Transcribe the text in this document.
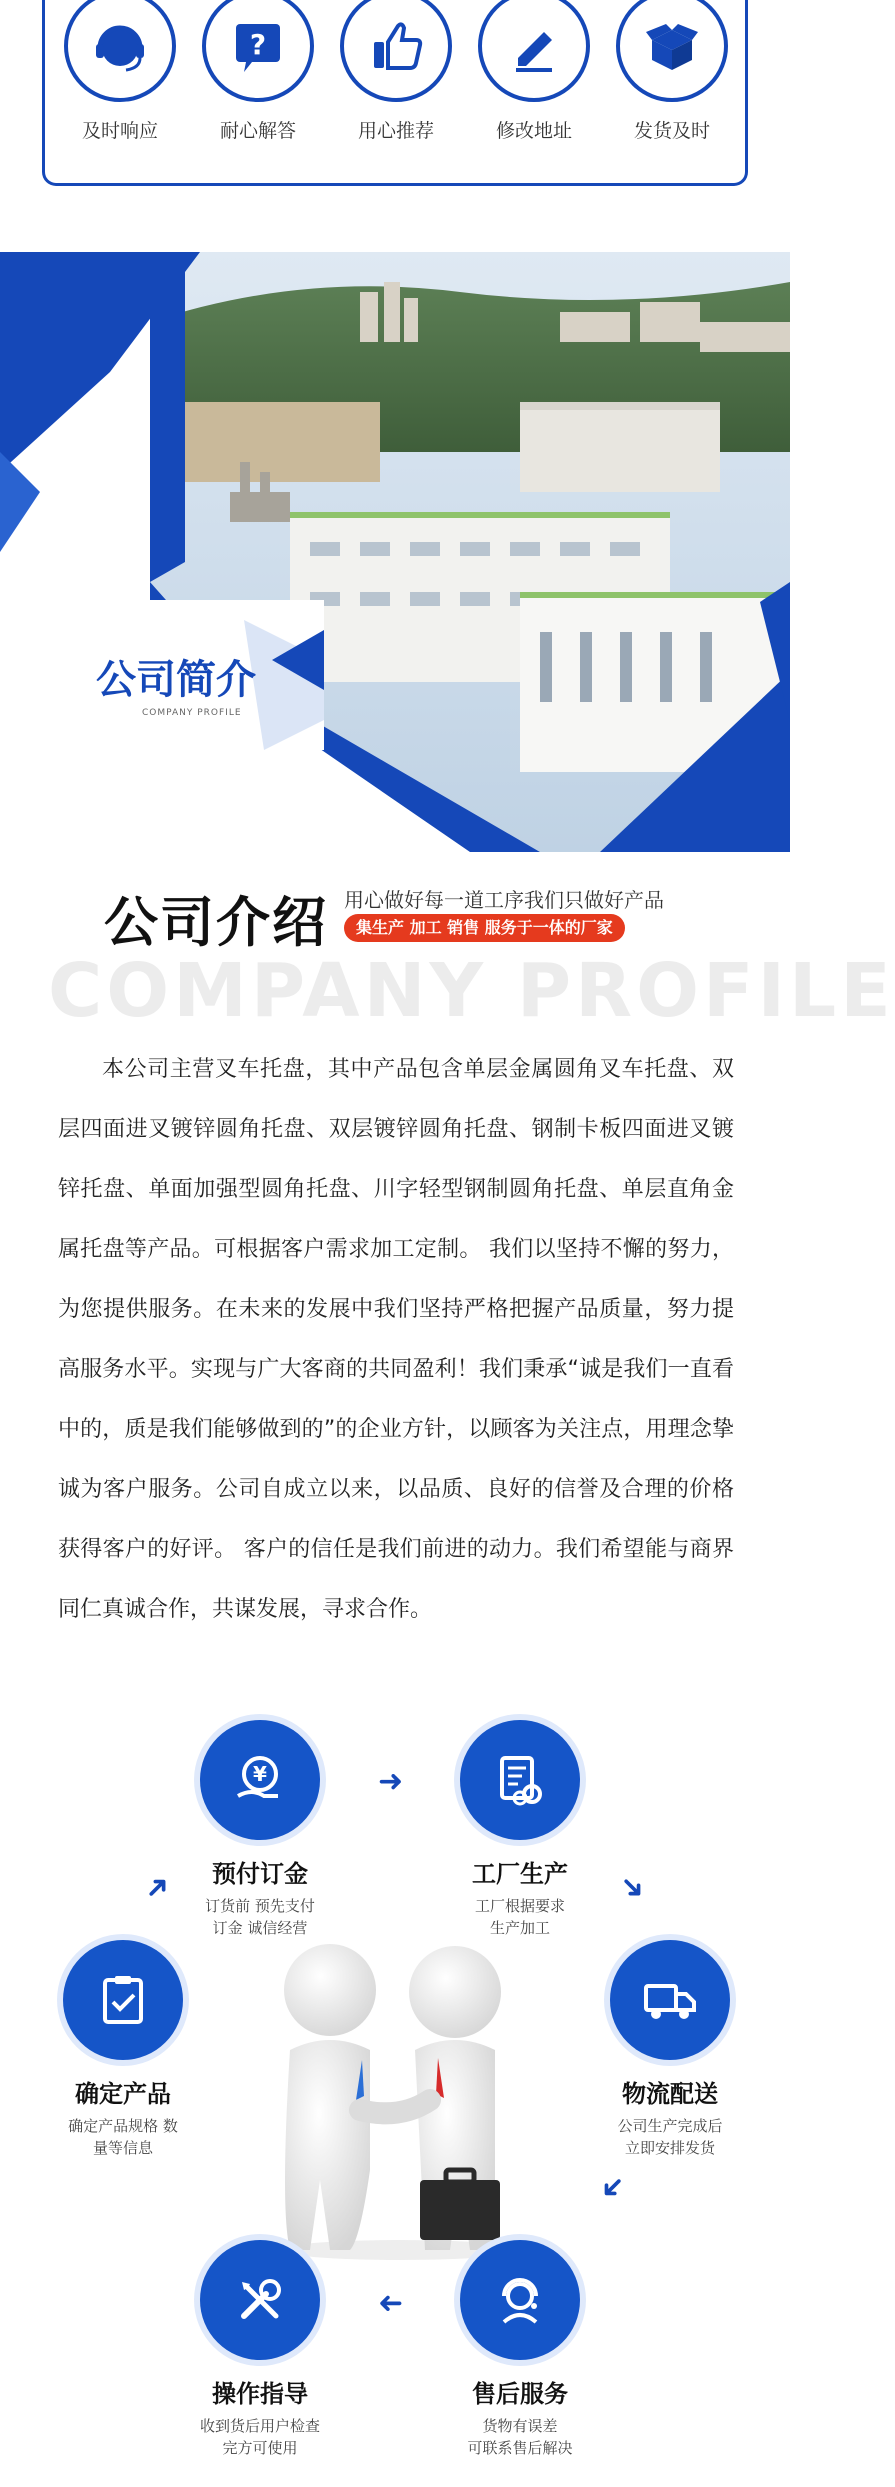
及时响应
?
耐心解答	用心推荐	修改地址	发货及时
公司简介
COMPANY PROFILE
公司介绍 用心做好每一道工序我们只做好产品
集生产 加工 销售 服务于一体的厂家
COMPANY PROFILE
本公司主营叉车托盘，其中产品包含单层金属圆角叉车托盘、双层四面进叉镀锌圆角托盘、双层镀锌圆角托盘、钢制卡板四面进叉镀锌托盘、单面加强型圆角托盘、川字轻型钢制圆角托盘、单层直角金属托盘等产品。可根据客户需求加工定制。 我们以坚持不懈的努力，为您提供服务。在未来的发展中我们坚持严格把握产品质量，努力提高服务水平。实现与广大客商的共同盈利！我们秉承“诚是我们一直看中的，质是我们能够做到的”的企业方针，以顾客为关注点，用理念挚诚为客户服务。公司自成立以来，以品质、良好的信誉及合理的价格获得客户的好评。 客户的信任是我们前进的动力。我们希望能与商界同仁真诚合作，共谋发展，寻求合作。
¥
预付订金
订货前 预先支付
订金 诚信经营
工厂生产
工厂根据要求
生产加工
确定产品
确定产品规格 数
量等信息
物流配送
公司生产完成后
立即安排发货
操作指导
收到货后用户检查
完方可使用
售后服务
货物有误差
可联系售后解决
➜
➜	➜
➜
➜
